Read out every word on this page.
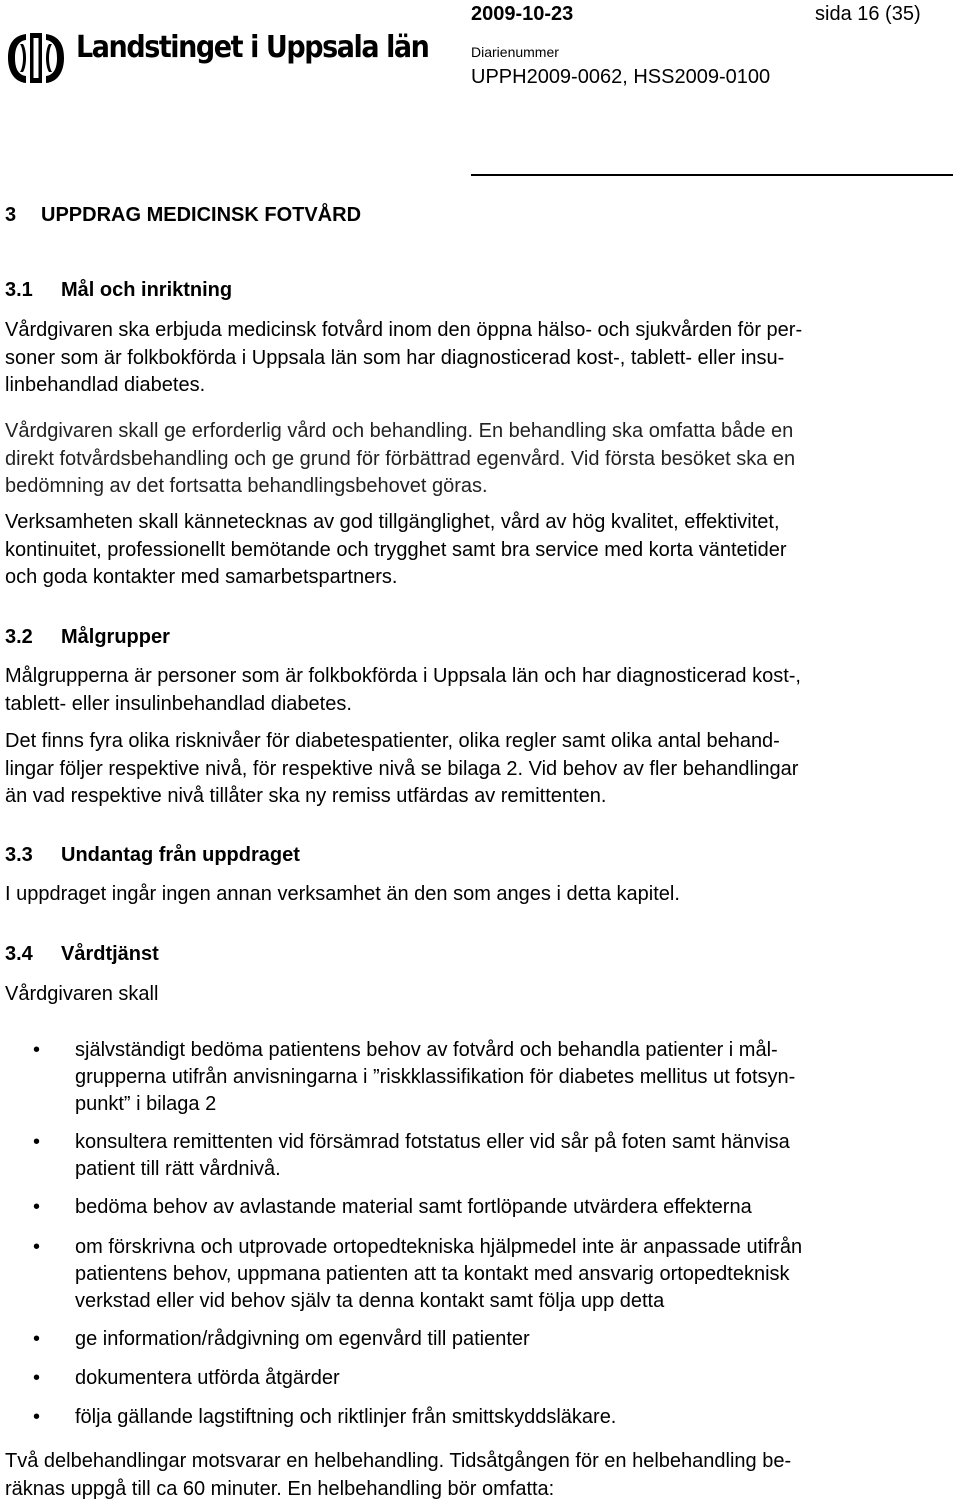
Landstinget i Uppsala län
2009-10-23	sida 16 (35)
Diarienummer
UPPH2009-0062, HSS2009-0100
3 UPPDRAG MEDICINSK FOTVÅRD
3.1 Mål och inriktning
Vårdgivaren ska erbjuda medicinsk fotvård inom den öppna hälso- och sjukvården för per-
soner som är folkbokförda i Uppsala län som har diagnosticerad kost-, tablett- eller insu-
linbehandlad diabetes.
Vårdgivaren skall ge erforderlig vård och behandling. En behandling ska omfatta både en
direkt fotvårdsbehandling och ge grund för förbättrad egenvård. Vid första besöket ska en
bedömning av det fortsatta behandlingsbehovet göras.
Verksamheten skall kännetecknas av god tillgänglighet, vård av hög kvalitet, effektivitet,
kontinuitet, professionellt bemötande och trygghet samt bra service med korta väntetider
och goda kontakter med samarbetspartners.
3.2 Målgrupper
Målgrupperna är personer som är folkbokförda i Uppsala län och har diagnosticerad kost-,
tablett- eller insulinbehandlad diabetes.
Det finns fyra olika risknivåer för diabetespatienter, olika regler samt olika antal behand-
lingar följer respektive nivå, för respektive nivå se bilaga 2. Vid behov av fler behandlingar
än vad respektive nivå tillåter ska ny remiss utfärdas av remittenten.
3.3 Undantag från uppdraget
I uppdraget ingår ingen annan verksamhet än den som anges i detta kapitel.
3.4 Vårdtjänst
Vårdgivaren skall
• självständigt bedöma patientens behov av fotvård och behandla patienter i mål-
grupperna utifrån anvisningarna i ”riskklassifikation för diabetes mellitus ut fotsyn-
punkt” i bilaga 2
• konsultera remittenten vid försämrad fotstatus eller vid sår på foten samt hänvisa
patient till rätt vårdnivå.
• bedöma behov av avlastande material samt fortlöpande utvärdera effekterna
• om förskrivna och utprovade ortopedtekniska hjälpmedel inte är anpassade utifrån
patientens behov, uppmana patienten att ta kontakt med ansvarig ortopedteknisk
verkstad eller vid behov själv ta denna kontakt samt följa upp detta
• ge information/rådgivning om egenvård till patienter
• dokumentera utförda åtgärder
• följa gällande lagstiftning och riktlinjer från smittskyddsläkare.
Två delbehandlingar motsvarar en helbehandling. Tidsåtgången för en helbehandling be-
räknas uppgå till ca 60 minuter. En helbehandling bör omfatta:
